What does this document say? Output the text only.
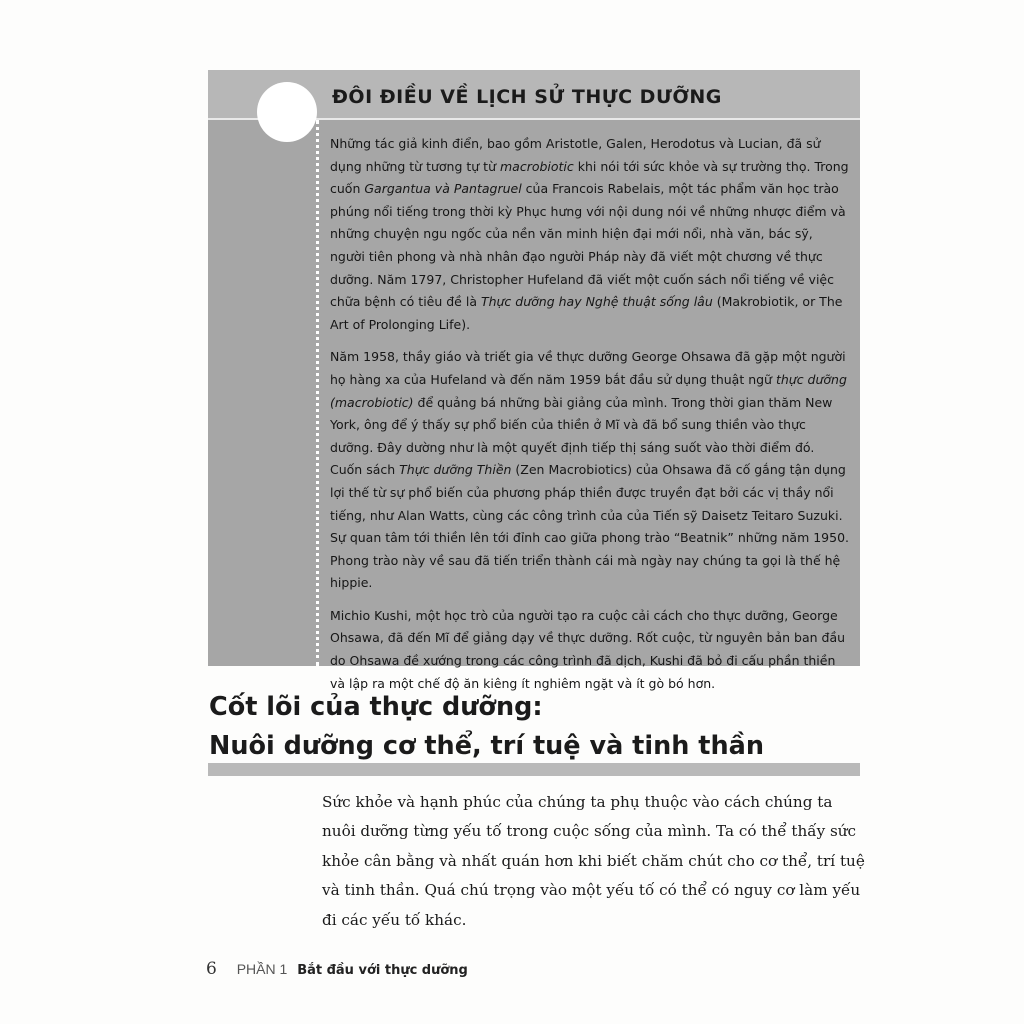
ĐÔI ĐIỀU VỀ LỊCH SỬ THỰC DƯỠNG

Những tác giả kinh điển, bao gồm Aristotle, Galen, Herodotus và Lucian, đã sử dụng những từ tương tự từ macrobiotic khi nói tới sức khỏe và sự trường thọ. Trong cuốn Gargantua và Pantagruel của Francois Rabelais, một tác phẩm văn học trào phúng nổi tiếng trong thời kỳ Phục hưng với nội dung nói về những nhược điểm và những chuyện ngu ngốc của nền văn minh hiện đại mới nổi, nhà văn, bác sỹ, người tiên phong và nhà nhân đạo người Pháp này đã viết một chương về thực dưỡng. Năm 1797, Christopher Hufeland đã viết một cuốn sách nổi tiếng về việc chữa bệnh có tiêu đề là Thực dưỡng hay Nghệ thuật sống lâu (Makrobiotik, or The Art of Prolonging Life).

Năm 1958, thầy giáo và triết gia về thực dưỡng George Ohsawa đã gặp một người họ hàng xa của Hufeland và đến năm 1959 bắt đầu sử dụng thuật ngữ thực dưỡng (macrobiotic) để quảng bá những bài giảng của mình. Trong thời gian thăm New York, ông để ý thấy sự phổ biến của thiền ở Mĩ và đã bổ sung thiền vào thực dưỡng. Đây dường như là một quyết định tiếp thị sáng suốt vào thời điểm đó. Cuốn sách Thực dưỡng Thiền (Zen Macrobiotics) của Ohsawa đã cố gắng tận dụng lợi thế từ sự phổ biến của phương pháp thiền được truyền đạt bởi các vị thầy nổi tiếng, như Alan Watts, cùng các công trình của của Tiến sỹ Daisetz Teitaro Suzuki. Sự quan tâm tới thiền lên tới đỉnh cao giữa phong trào “Beatnik” những năm 1950. Phong trào này về sau đã tiến triển thành cái mà ngày nay chúng ta gọi là thế hệ hippie.

Michio Kushi, một học trò của người tạo ra cuộc cải cách cho thực dưỡng, George Ohsawa, đã đến Mĩ để giảng dạy về thực dưỡng. Rốt cuộc, từ nguyên bản ban đầu do Ohsawa đề xướng trong các công trình đã dịch, Kushi đã bỏ đi cấu phần thiền và lập ra một chế độ ăn kiêng ít nghiêm ngặt và ít gò bó hơn.

Cốt lõi của thực dưỡng:
Nuôi dưỡng cơ thể, trí tuệ và tinh thần
Sức khỏe và hạnh phúc của chúng ta phụ thuộc vào cách chúng ta nuôi dưỡng từng yếu tố trong cuộc sống của mình. Ta có thể thấy sức khỏe cân bằng và nhất quán hơn khi biết chăm chút cho cơ thể, trí tuệ và tinh thần. Quá chú trọng vào một yếu tố có thể có nguy cơ làm yếu đi các yếu tố khác.
6 PHẦN 1 Bắt đầu với thực dưỡng
